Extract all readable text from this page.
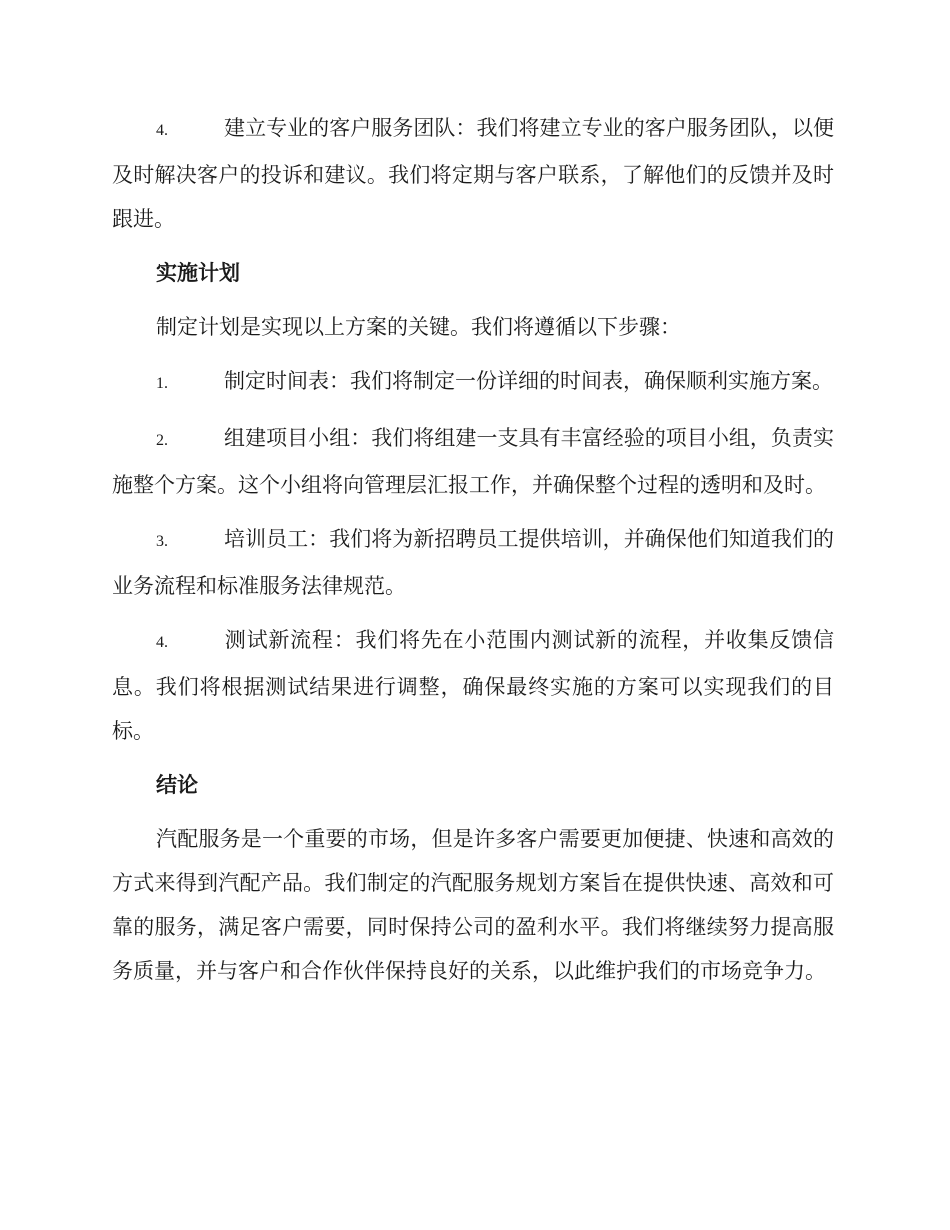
4.	建立专业的客户服务团队：我们将建立专业的客户服务团队，以便及时解决客户的投诉和建议。我们将定期与客户联系，了解他们的反馈并及时跟进。

实施计划

制定计划是实现以上方案的关键。我们将遵循以下步骤：

1.	制定时间表：我们将制定一份详细的时间表，确保顺利实施方案。

2.	组建项目小组：我们将组建一支具有丰富经验的项目小组，负责实施整个方案。这个小组将向管理层汇报工作，并确保整个过程的透明和及时。

3.	培训员工：我们将为新招聘员工提供培训，并确保他们知道我们的业务流程和标准服务法律规范。

4.	测试新流程：我们将先在小范围内测试新的流程，并收集反馈信息。我们将根据测试结果进行调整，确保最终实施的方案可以实现我们的目标。

结论

汽配服务是一个重要的市场，但是许多客户需要更加便捷、快速和高效的方式来得到汽配产品。我们制定的汽配服务规划方案旨在提供快速、高效和可靠的服务，满足客户需要，同时保持公司的盈利水平。我们将继续努力提高服务质量，并与客户和合作伙伴保持良好的关系，以此维护我们的市场竞争力。
